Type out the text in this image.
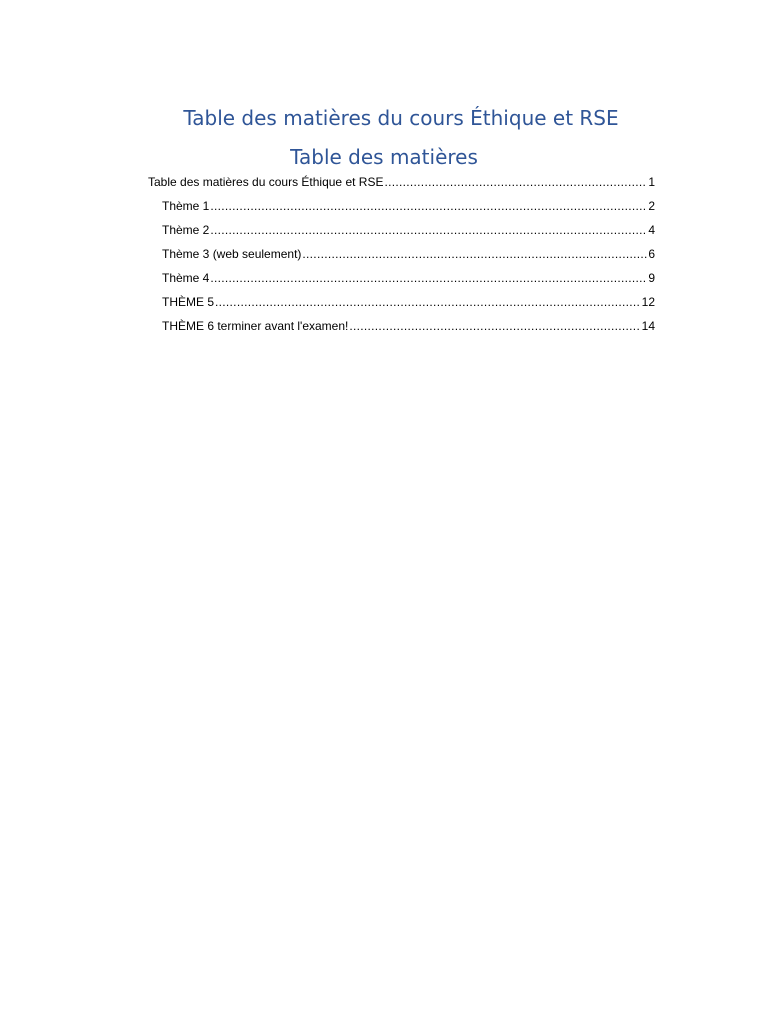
Table des matières du cours Éthique et RSE
Table des matières
Table des matières du cours Éthique et RSE .....	1
Thème 1 .....	2
Thème 2 .....	4
Thème 3 (web seulement) .....	6
Thème 4 .....	9
THÈME 5 .....	12
THÈME 6 terminer avant l'examen! .....	14
